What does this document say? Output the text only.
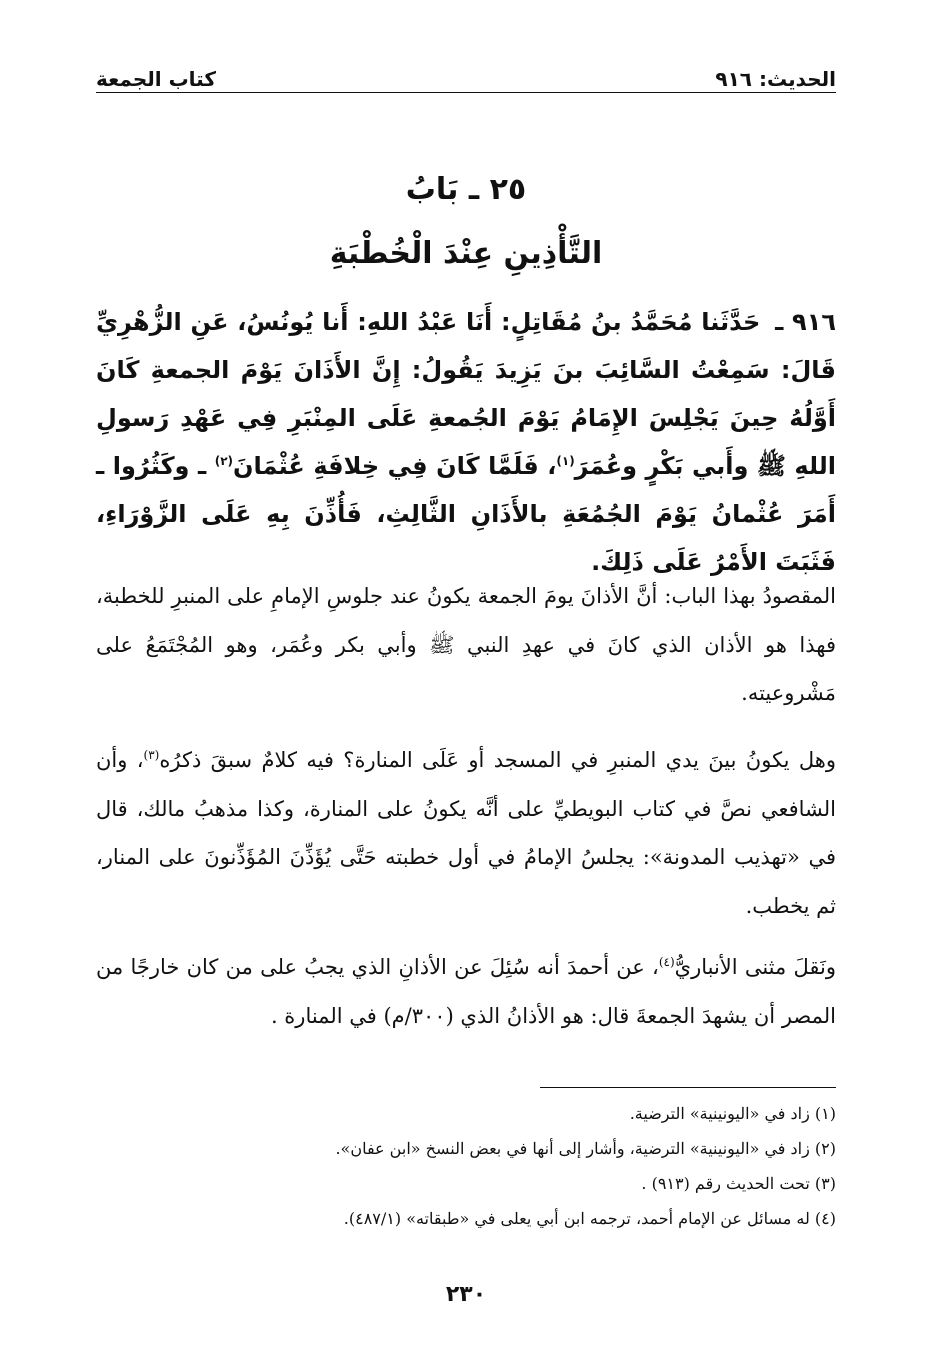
الحديث: ٩١٦
كتاب الجمعة
٢٥ ـ بَابُ
التَّأْذِينِ عِنْدَ الْخُطْبَةِ

٩١٦ ـ حَدَّثَنا مُحَمَّدُ بنُ مُقَاتِلٍ: أَنَا عَبْدُ اللهِ: أَنا يُونُسُ، عَنِ الزُّهْرِيِّ قَالَ: سَمِعْتُ السَّائِبَ بنَ يَزِيدَ يَقُولُ: إِنَّ الأَذَانَ يَوْمَ الجمعةِ كَانَ أَوَّلُهُ حِينَ يَجْلِسَ الإِمَامُ يَوْمَ الجُمعةِ عَلَى المِنْبَرِ فِي عَهْدِ رَسولِ اللهِ ﷺ وأَبي بَكْرٍ وعُمَرَ$^{(١)}$، فَلَمَّا كَانَ فِي خِلافَةِ عُثْمَانَ$^{(٢)}$ ـ وكَثُرُوا ـ أَمَرَ عُثْمانُ يَوْمَ الجُمُعَةِ بالأَذَانِ الثَّالِثِ، فَأُذِّنَ بِهِ عَلَى الزَّوْرَاءِ، فَثَبَتَ الأَمْرُ عَلَى ذَلِكَ.

المقصودُ بهذا الباب: أنَّ الأذانَ يومَ الجمعة يكونُ عند جلوسِ الإمامِ على المنبرِ للخطبة، فهذا هو الأذان الذي كانَ في عهدِ النبي ﷺ وأبي بكر وعُمَر، وهو المُجْتَمَعُ على مَشْروعيته.

وهل يكونُ بينَ يدي المنبرِ في المسجد أو عَلَى المنارة؟ فيه كلامٌ سبقَ ذكرُه$^{(٣)}$، وأن الشافعي نصَّ في كتاب البويطيِّ على أنَّه يكونُ على المنارة، وكذا مذهبُ مالك، قال في «تهذيب المدونة»: يجلسُ الإمامُ في أول خطبته حَتَّى يُؤَذِّنَ المُؤَذِّنونَ على المنار، ثم يخطب.

ونَقلَ مثنى الأنباريُّ$^{(٤)}$، عن أحمدَ أنه سُئِلَ عن الأذانِ الذي يجبُ على من كان خارجًا من المصر أن يشهدَ الجمعةَ قال: هو الأذانُ الذي (٣٠٠/م) في المنارة .

(١) زاد في «اليونينية» الترضية.
(٢) زاد في «اليونينية» الترضية، وأشار إلى أنها في بعض النسخ «ابن عفان».
(٣) تحت الحديث رقم (٩١٣) .
(٤) له مسائل عن الإمام أحمد، ترجمه ابن أبي يعلى في «طبقاته» (٤٨٧/١).
٢٣٠
